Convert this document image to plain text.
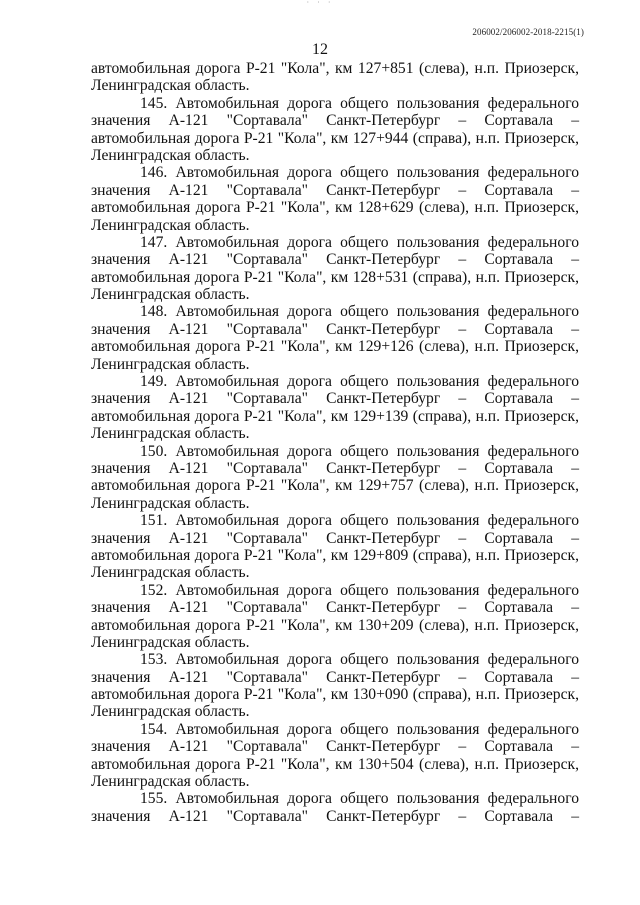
· · ·
206002/206002-2018-2215(1)
12
автомобильная дорога Р-21 "Кола", км 127+851 (слева), н.п. Приозерск,
Ленинградская область.
145. Автомобильная дорога общего пользования федерального
значения А-121 "Сортавала" Санкт-Петербург – Сортавала –
автомобильная дорога Р-21 "Кола", км 127+944 (справа), н.п. Приозерск,
Ленинградская область.
146. Автомобильная дорога общего пользования федерального
значения А-121 "Сортавала" Санкт-Петербург – Сортавала –
автомобильная дорога Р-21 "Кола", км 128+629 (слева), н.п. Приозерск,
Ленинградская область.
147. Автомобильная дорога общего пользования федерального
значения А-121 "Сортавала" Санкт-Петербург – Сортавала –
автомобильная дорога Р-21 "Кола", км 128+531 (справа), н.п. Приозерск,
Ленинградская область.
148. Автомобильная дорога общего пользования федерального
значения А-121 "Сортавала" Санкт-Петербург – Сортавала –
автомобильная дорога Р-21 "Кола", км 129+126 (слева), н.п. Приозерск,
Ленинградская область.
149. Автомобильная дорога общего пользования федерального
значения А-121 "Сортавала" Санкт-Петербург – Сортавала –
автомобильная дорога Р-21 "Кола", км 129+139 (справа), н.п. Приозерск,
Ленинградская область.
150. Автомобильная дорога общего пользования федерального
значения А-121 "Сортавала" Санкт-Петербург – Сортавала –
автомобильная дорога Р-21 "Кола", км 129+757 (слева), н.п. Приозерск,
Ленинградская область.
151. Автомобильная дорога общего пользования федерального
значения А-121 "Сортавала" Санкт-Петербург – Сортавала –
автомобильная дорога Р-21 "Кола", км 129+809 (справа), н.п. Приозерск,
Ленинградская область.
152. Автомобильная дорога общего пользования федерального
значения А-121 "Сортавала" Санкт-Петербург – Сортавала –
автомобильная дорога Р-21 "Кола", км 130+209 (слева), н.п. Приозерск,
Ленинградская область.
153. Автомобильная дорога общего пользования федерального
значения А-121 "Сортавала" Санкт-Петербург – Сортавала –
автомобильная дорога Р-21 "Кола", км 130+090 (справа), н.п. Приозерск,
Ленинградская область.
154. Автомобильная дорога общего пользования федерального
значения А-121 "Сортавала" Санкт-Петербург – Сортавала –
автомобильная дорога Р-21 "Кола", км 130+504 (слева), н.п. Приозерск,
Ленинградская область.
155. Автомобильная дорога общего пользования федерального
значения А-121 "Сортавала" Санкт-Петербург – Сортавала –
